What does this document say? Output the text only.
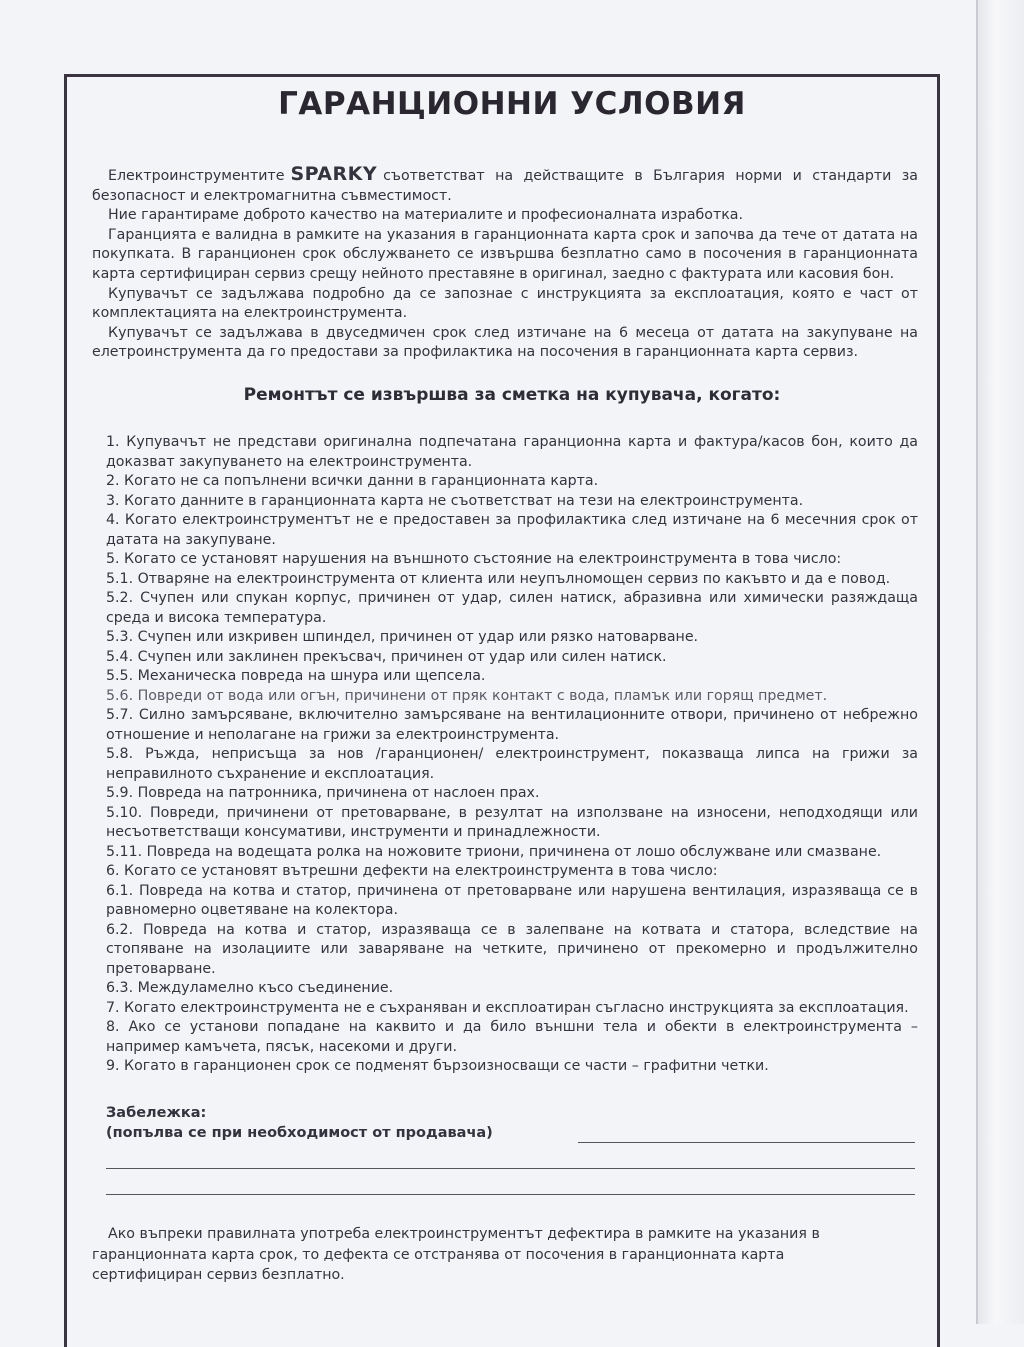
ГАРАНЦИОННИ УСЛОВИЯ

Електроинструментите SPARKY съответстват на действащите в България норми и стандарти за безопасност и електромагнитна съвместимост.

Ние гарантираме доброто качество на материалите и професионалната изработка.

Гаранцията е валидна в рамките на указания в гаранционната карта срок и започва да тече от датата на покупката. В гаранционен срок обслужването се извършва безплатно само в посочения в гаранционната карта сертифициран сервиз срещу нейното преставяне в оригинал, заедно с фактурата или касовия бон.

Купувачът се задължава подробно да се запознае с инструкцията за експлоатация, която е част от комплектацията на електроинструмента.

Купувачът се задължава в двуседмичен срок след изтичане на 6 месеца от датата на закупуване на елетроинструмента да го предостави за профилактика на посочения в гаранционната карта сервиз.

Ремонтът се извършва за сметка на купувача, когато:

1. Купувачът не представи оригинална подпечатана гаранционна карта и фактура/касов бон, които да доказват закупуването на електроинструмента.

2. Когато не са попълнени всички данни в гаранционната карта.

3. Когато данните в гаранционната карта не съответстват на тези на електроинструмента.

4. Когато електроинструментът не е предоставен за профилактика след изтичане на 6 месечния срок от датата на закупуване.

5. Когато се установят нарушения на външното състояние на електроинструмента в това число:

5.1. Отваряне на електроинструмента от клиента или неупълномощен сервиз по какъвто и да е повод.

5.2. Счупен или спукан корпус, причинен от удар, силен натиск, абразивна или химически разяждаща среда и висока температура.

5.3. Счупен или изкривен шпиндел, причинен от удар или рязко натоварване.

5.4. Счупен или заклинен прекъсвач, причинен от удар или силен натиск.

5.5. Механическа повреда на шнура или щепсела.

5.6. Повреди от вода или огън, причинени от пряк контакт с вода, пламък или горящ предмет.

5.7. Силно замърсяване, включително замърсяване на вентилационните отвори, причинено от небрежно отношение и неполагане на грижи за електроинструмента.

5.8. Ръжда, неприсъща за нов /гаранционен/ електроинструмент, показваща липса на грижи за неправилното съхранение и експлоатация.

5.9. Повреда на патронника, причинена от наслоен прах.

5.10. Повреди, причинени от претоварване, в резултат на използване на износени, неподходящи или несъответстващи консумативи, инструменти и принадлежности.

5.11. Повреда на водещата ролка на ножовите триони, причинена от лошо обслужване или смазване.

6. Когато се установят вътрешни дефекти на електроинструмента в това число:

6.1. Повреда на котва и статор, причинена от претоварване или нарушена вентилация, изразяваща се в равномерно оцветяване на колектора.

6.2. Повреда на котва и статор, изразяваща се в залепване на котвата и статора, вследствие на стопяване на изолациите или заваряване на четките, причинено от прекомерно и продължително претоварване.

6.3. Междуламелно късо съединение.

7. Когато електроинструмента не е съхраняван и експлоатиран съгласно инструкцията за експлоатация.

8. Ако се установи попадане на каквито и да било външни тела и обекти в електроинструмента – например камъчета, пясък, насекоми и други.

9. Когато в гаранционен срок се подменят бързоизносващи се части – графитни четки.

Забележка:
(попълва се при необходимост от продавача)

Ако въпреки правилната употреба електроинструментът дефектира в рамките на указания в гаранционната карта срок, то дефекта се отстранява от посочения в гаранционната карта сертифициран сервиз безплатно.
